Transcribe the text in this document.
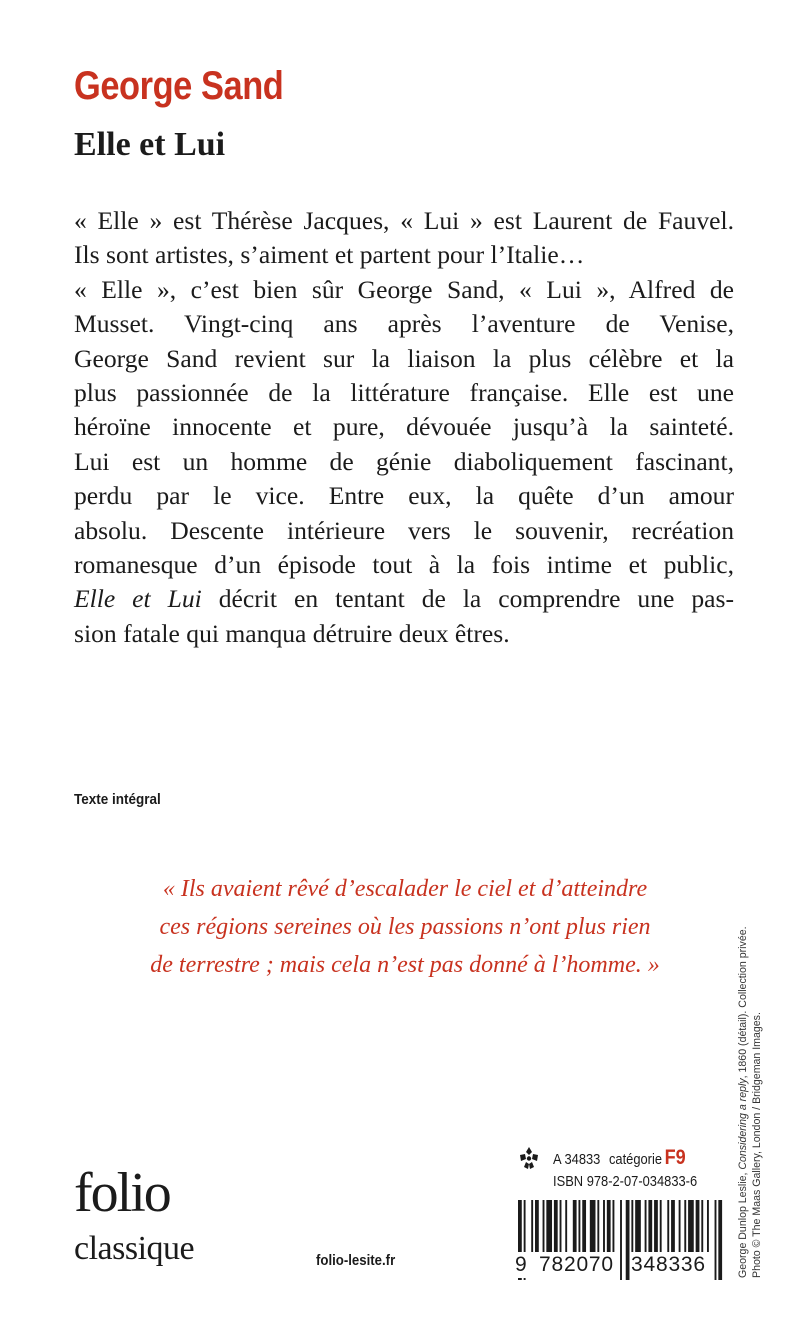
George Sand
Elle et Lui
« Elle » est Thérèse Jacques, « Lui » est Laurent de Fauvel.
Ils sont artistes, s’aiment et partent pour l’Italie…
« Elle », c’est bien sûr George Sand, « Lui », Alfred de
Musset. Vingt-cinq ans après l’aventure de Venise,
George Sand revient sur la liaison la plus célèbre et la
plus passionnée de la littérature française. Elle est une
héroïne innocente et pure, dévouée jusqu’à la sainteté.
Lui est un homme de génie diaboliquement fascinant,
perdu par le vice. Entre eux, la quête d’un amour
absolu. Descente intérieure vers le souvenir, recréation
romanesque d’un épisode tout à la fois intime et public,
Elle et Lui décrit en tentant de la comprendre une pas-
sion fatale qui manqua détruire deux êtres.

Texte intégral

« Ils avaient rêvé d’escalader le ciel et d’atteindre
ces régions sereines où les passions n’ont plus rien
de terrestre ; mais cela n’est pas donné à l’homme. »
George Dunlop Leslie, Considering a reply, 1860 (détail). Collection privée.
Photo © The Maas Gallery, London / Bridgeman Images.
folio
classique	folio-lesite.fr
A 34833 catégorie F9
ISBN 978-2-07-034833-6
9 782070 348336
